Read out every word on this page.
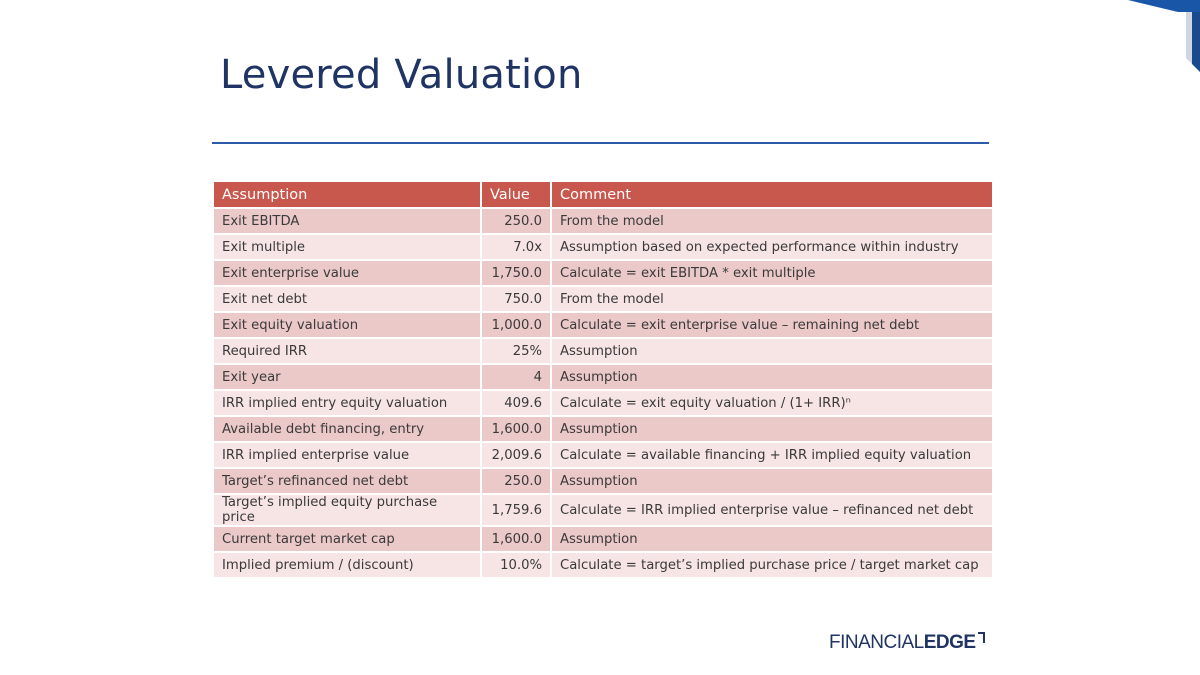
Levered Valuation
Assumption	Value	Comment
Exit EBITDA	250.0	From the model
Exit multiple	7.0x	Assumption based on expected performance within industry
Exit enterprise value	1,750.0	Calculate = exit EBITDA * exit multiple
Exit net debt	750.0	From the model
Exit equity valuation	1,000.0	Calculate = exit enterprise value – remaining net debt
Required IRR	25%	Assumption
Exit year	4	Assumption
IRR implied entry equity valuation	409.6	Calculate = exit equity valuation / (1+ IRR)ⁿ
Available debt financing, entry	1,600.0	Assumption
IRR implied enterprise value	2,009.6	Calculate = available financing + IRR implied equity valuation
Target’s refinanced net debt	250.0	Assumption
Target’s implied equity purchase price	1,759.6	Calculate = IRR implied enterprise value – refinanced net debt
Current target market cap	1,600.0	Assumption
Implied premium / (discount)	10.0%	Calculate = target’s implied purchase price / target market cap
FINANCIALEDGE
